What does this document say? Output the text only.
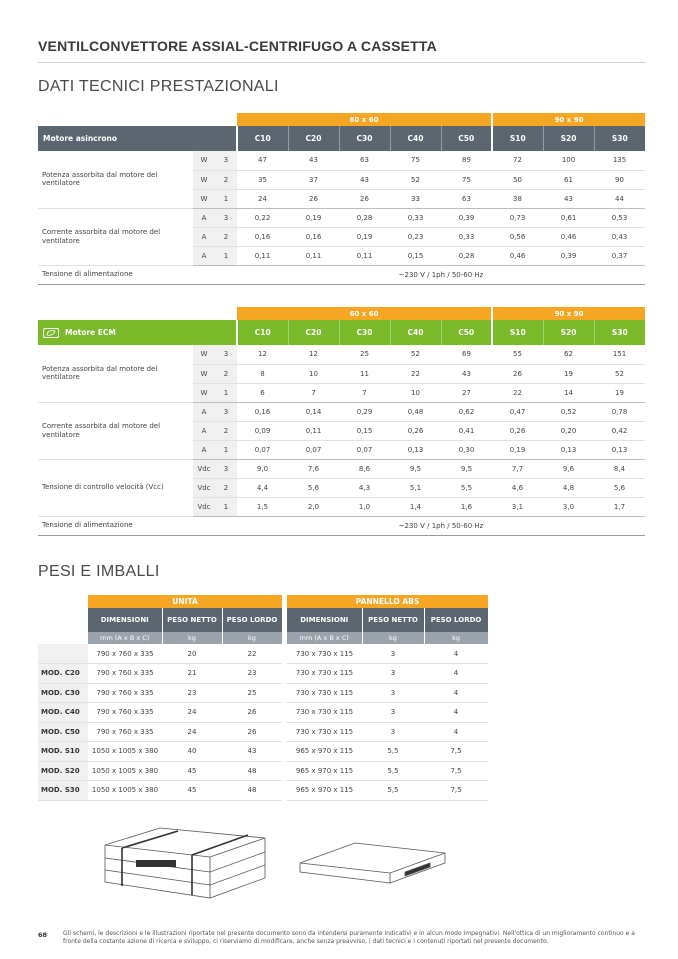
VENTILCONVETTORE ASSIAL-CENTRIFUGO A CASSETTA
DATI TECNICI PRESTAZIONALI
			60 x 60					90 x 90		
Motore asincrono			C10	C20	C30	C40	C50	S10	S20	S30
Potenza assorbita dal motore del ventilatore	W	3	47	43	63	75	89	72	100	135
	W	2	35	37	43	52	75	50	61	90
	W	1	24	26	26	33	63	38	43	44
Corrente assorbita dal motore del ventilatore	A	3	0,22	0,19	0,28	0,33	0,39	0,73	0,61	0,53
	A	2	0,16	0,16	0,19	0,23	0,33	0,56	0,46	0,43
	A	1	0,11	0,11	0,11	0,15	0,28	0,46	0,39	0,37
Tensione di alimentazione			~230 V / 1ph / 50-60 Hz							
			60 x 60					90 x 90		
Motore ECM			C10	C20	C30	C40	C50	S10	S20	S30
Potenza assorbita dal motore del ventilatore	W	3	12	12	25	52	69	55	62	151
	W	2	8	10	11	22	43	26	19	52
	W	1	6	7	7	10	27	22	14	19
Corrente assorbita dal motore del ventilatore	A	3	0,16	0,14	0,29	0,48	0,62	0,47	0,52	0,78
	A	2	0,09	0,11	0,15	0,26	0,41	0,26	0,20	0,42
	A	1	0,07	0,07	0,07	0,13	0,30	0,19	0,13	0,13
Tensione di controllo velocità (Vcc)	Vdc	3	9,0	7,6	8,6	9,5	9,5	7,7	9,6	8,4
	Vdc	2	4,4	5,6	4,3	5,1	5,5	4,6	4,8	5,6
	Vdc	1	1,5	2,0	1,0	1,4	1,6	3,1	3,0	1,7
Tensione di alimentazione			~230 V / 1ph / 50-60 Hz							
PESI E IMBALLI
	UNITÀ				PANNELLO ABS		
	DIMENSIONI	PESO NETTO	PESO LORDO		DIMENSIONI	PESO NETTO	PESO LORDO
	mm (A x B x C)	kg	kg		mm (A x B x C)	kg	kg
	790 x 760 x 335	20	22		730 x 730 x 115	3	4
MOD. C20	790 x 760 x 335	21	23		730 x 730 x 115	3	4
MOD. C30	790 x 760 x 335	23	25		730 x 730 x 115	3	4
MOD. C40	790 x 760 x 335	24	26		730 x 730 x 115	3	4
MOD. C50	790 x 760 x 335	24	26		730 x 730 x 115	3	4
MOD. S10	1050 x 1005 x 380	40	43		965 x 970 x 115	5,5	7,5
MOD. S20	1050 x 1005 x 380	45	48		965 x 970 x 115	5,5	7,5
MOD. S30	1050 x 1005 x 380	45	48		965 x 970 x 115	5,5	7,5
68	Gli schemi, le descrizioni e le illustrazioni riportate nel presente documento sono da intendersi puramente indicativi e in alcun modo impegnativi. Nell'ottica di un miglioramento continuo e a fronte della costante azione di ricerca e sviluppo, ci riserviamo di modificare, anche senza preavviso, i dati tecnici e i contenuti riportati nel presente documento.
